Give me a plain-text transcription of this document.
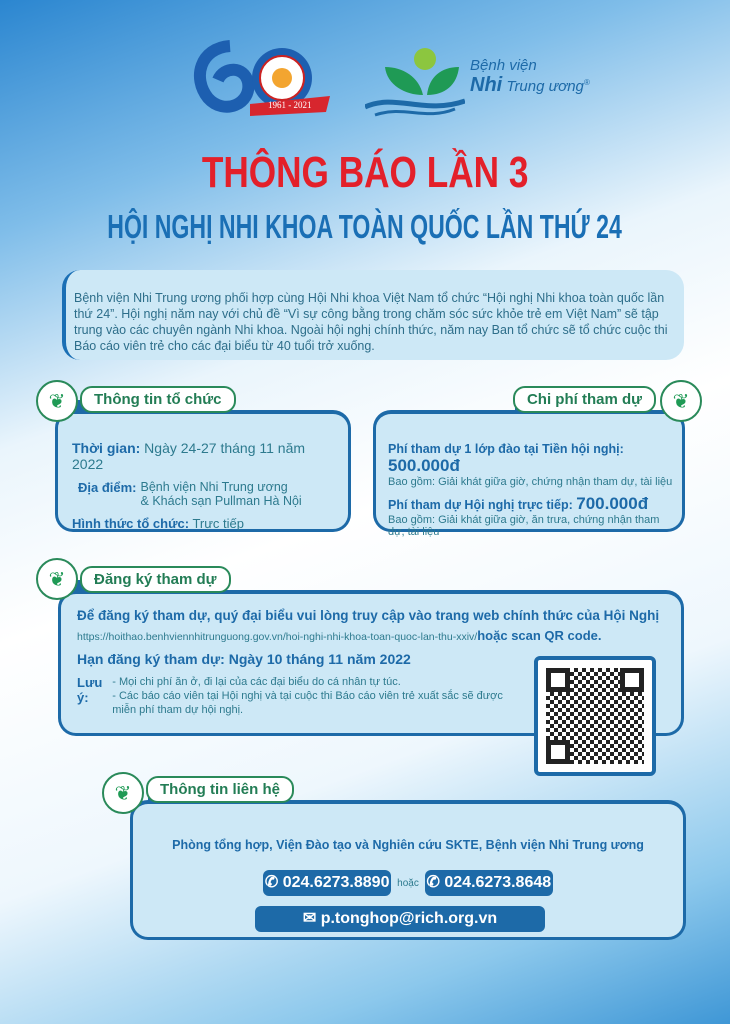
1961 - 2021
Bệnh viện
Nhi Trung ương®
THÔNG BÁO LẦN 3
HỘI NGHỊ NHI KHOA TOÀN QUỐC LẦN THỨ 24
Bệnh viện Nhi Trung ương phối hợp cùng Hội Nhi khoa Việt Nam tổ chức “Hội nghị Nhi khoa toàn quốc lần thứ 24”. Hội nghị năm nay với chủ đề “Vì sự công bằng trong chăm sóc sức khỏe trẻ em Việt Nam” sẽ tập trung vào các chuyên ngành Nhi khoa. Ngoài hội nghị chính thức, năm nay Ban tổ chức sẽ tổ chức cuộc thi Báo cáo viên trẻ cho các đại biểu từ 40 tuổi trở xuống.
Thời gian: Ngày 24-27 tháng 11 năm 2022
Địa điểm: Bệnh viện Nhi Trung ương
& Khách sạn Pullman Hà Nội
Hình thức tổ chức: Trực tiếp
Thông tin tổ chức
❦
Phí tham dự 1 lớp đào tại Tiền hội nghị: 500.000đ
Bao gồm: Giải khát giữa giờ, chứng nhận tham dự, tài liệu
Phí tham dự Hội nghị trực tiếp: 700.000đ
Bao gồm: Giải khát giữa giờ, ăn trưa, chứng nhận tham dự, tài liệu
Chi phí tham dự	❦
Để đăng ký tham dự, quý đại biểu vui lòng truy cập vào trang web chính thức của Hội Nghị
https://hoithao.benhviennhitrunguong.gov.vn/hoi-nghi-nhi-khoa-toan-quoc-lan-thu-xxiv/hoặc scan QR code.
Hạn đăng ký tham dự: Ngày 10 tháng 11 năm 2022
Lưu ý:
- Mọi chi phí ăn ở, đi lại của các đại biểu do cá nhân tự túc.
- Các báo cáo viên tại Hội nghị và tại cuộc thi Báo cáo viên trẻ xuất sắc sẽ được miễn phí tham dự hội nghị.
Đăng ký tham dự
❦
Phòng tổng hợp, Viện Đào tạo và Nghiên cứu SKTE, Bệnh viện Nhi Trung ương
✆ 024.6273.8890 hoặc ✆ 024.6273.8648
✉ p.tonghop@rich.org.vn
Thông tin liên hệ
❦
